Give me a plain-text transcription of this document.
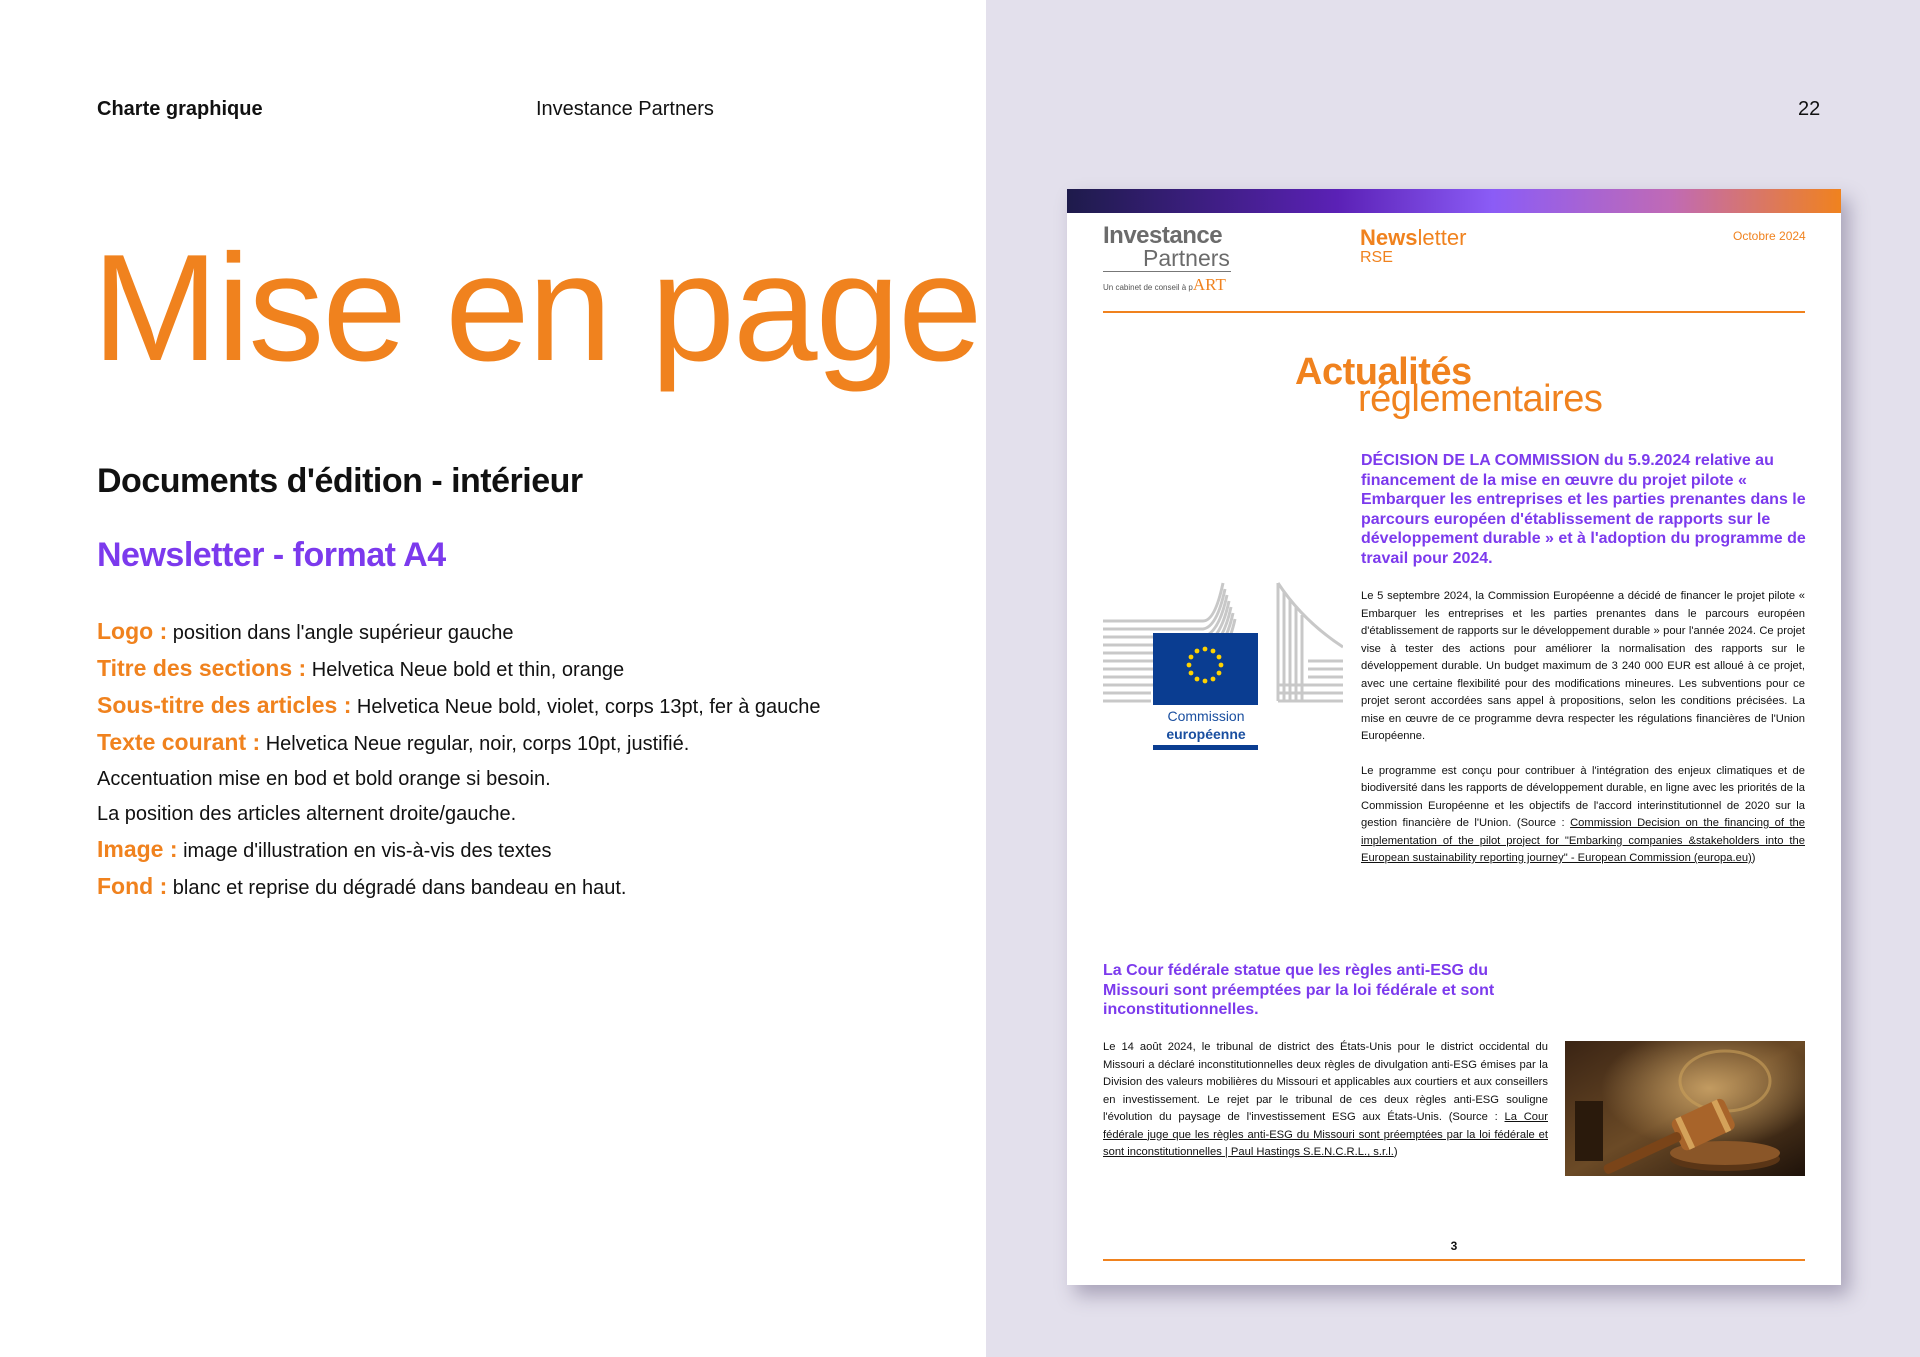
Charte graphique	Investance Partners	22
Mise en page
Documents d'édition - intérieur
Newsletter - format A4
Logo : position dans l'angle supérieur gauche
Titre des sections : Helvetica Neue bold et thin, orange
Sous-titre des articles : Helvetica Neue bold, violet, corps 13pt, fer à gauche
Texte courant : Helvetica Neue regular, noir, corps 10pt, justifié.
Accentuation mise en bod et bold orange si besoin.
La position des articles alternent droite/gauche.
Image : image d'illustration en vis-à-vis des textes
Fond : blanc et reprise du dégradé dans bandeau en haut.
Investance
Partners
Un cabinet de conseil à pART
Newsletter
RSE
Octobre 2024
Actualités
réglementaires
DÉCISION DE LA COMMISSION du 5.9.2024 relative au financement de la mise en œuvre du projet pilote « Embarquer les entreprises et les parties prenantes dans le parcours européen d'établissement de rapports sur le développement durable » et à l'adoption du programme de travail pour 2024.
Commission
européenne

Le 5 septembre 2024, la Commission Européenne a décidé de financer le projet pilote « Embarquer les entreprises et les parties prenantes dans le parcours européen d'établissement de rapports sur le développement durable » pour l'année 2024. Ce projet vise à tester des actions pour améliorer la normalisation des rapports sur le développement durable. Un budget maximum de 3 240 000 EUR est alloué à ce projet, avec une certaine flexibilité pour des modifications mineures. Les subventions pour ce projet seront accordées sans appel à propositions, selon les conditions précisées. La mise en œuvre de ce programme devra respecter les régulations financières de l'Union Européenne.

Le programme est conçu pour contribuer à l'intégration des enjeux climatiques et de biodiversité dans les rapports de développement durable, en ligne avec les priorités de la Commission Européenne et les objectifs de l'accord interinstitutionnel de 2020 sur la gestion financière de l'Union. (Source : Commission Decision on the financing of the implementation of the pilot project for "Embarking companies &stakeholders into the European sustainability reporting journey" - European Commission (europa.eu))

La Cour fédérale statue que les règles anti-ESG du Missouri sont préemptées par la loi fédérale et sont inconstitutionnelles.
Le 14 août 2024, le tribunal de district des États-Unis pour le district occidental du Missouri a déclaré inconstitutionnelles deux règles de divulgation anti-ESG émises par la Division des valeurs mobilières du Missouri et applicables aux courtiers et aux conseillers en investissement. Le rejet par le tribunal de ces deux règles anti-ESG souligne l'évolution du paysage de l'investissement ESG aux États-Unis. (Source : La Cour fédérale juge que les règles anti-ESG du Missouri sont préemptées par la loi fédérale et sont inconstitutionnelles | Paul Hastings S.E.N.C.R.L., s.r.l.)
3
